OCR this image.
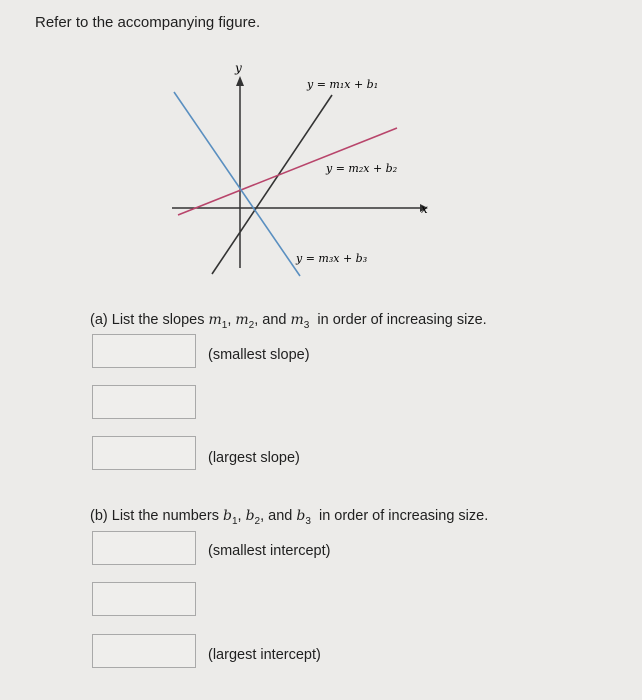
Refer to the accompanying figure.
y
x
y = m₁x + b₁
y = m₂x + b₂
y = m₃x + b₃
(a) List the slopes $m_1$, $m_2$, and $m_3$  in order of increasing size.
(smallest slope)
(largest slope)
(b) List the numbers $b_1$, $b_2$, and $b_3$  in order of increasing size.
(smallest intercept)
(largest intercept)
